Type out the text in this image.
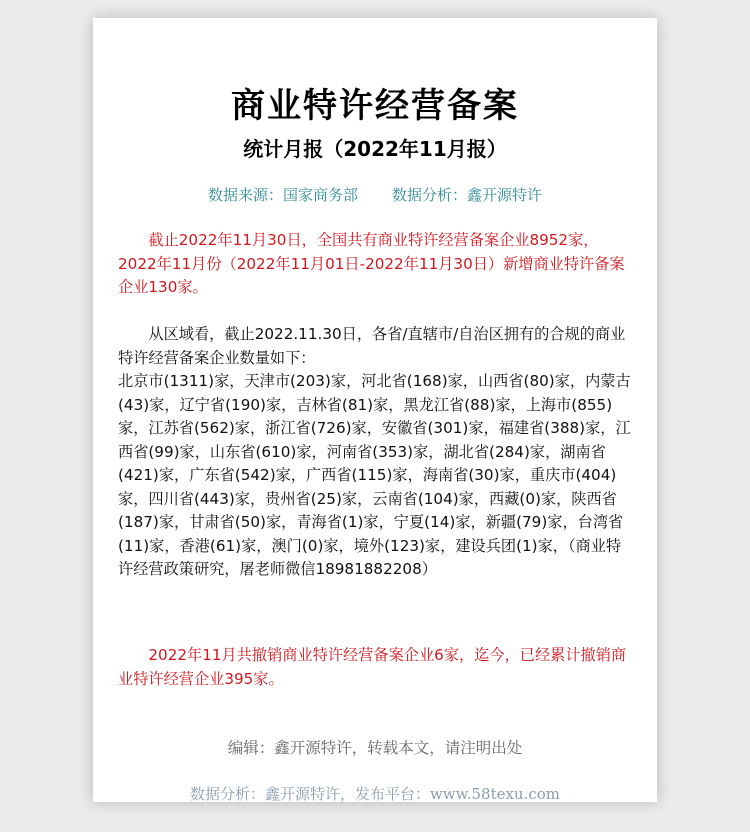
商业特许经营备案
统计月报（2022年11月报）
数据来源：国家商务部 数据分析：鑫开源特许

截止2022年11月30日，全国共有商业特许经营备案企业8952家，2022年11月份（2022年11月01日-2022年11月30日）新增商业特许备案企业130家。

从区域看，截止2022.11.30日，各省/直辖市/自治区拥有的合规的商业特许经营备案企业数量如下：

北京市(1311)家，天津市(203)家，河北省(168)家，山西省(80)家，内蒙古(43)家，辽宁省(190)家，吉林省(81)家，黑龙江省(88)家，上海市(855)家，江苏省(562)家，浙江省(726)家，安徽省(301)家，福建省(388)家，江西省(99)家，山东省(610)家，河南省(353)家，湖北省(284)家，湖南省(421)家，广东省(542)家，广西省(115)家，海南省(30)家，重庆市(404)家，四川省(443)家，贵州省(25)家，云南省(104)家，西藏(0)家，陕西省(187)家，甘肃省(50)家，青海省(1)家，宁夏(14)家，新疆(79)家，台湾省(11)家，香港(61)家，澳门(0)家，境外(123)家，建设兵团(1)家，（商业特许经营政策研究，屠老师微信18981882208）

2022年11月共撤销商业特许经营备案企业6家，迄今，已经累计撤销商业特许经营企业395家。

编辑：鑫开源特许，转载本文，请注明出处
数据分析：鑫开源特许，发布平台：www.58texu.com
